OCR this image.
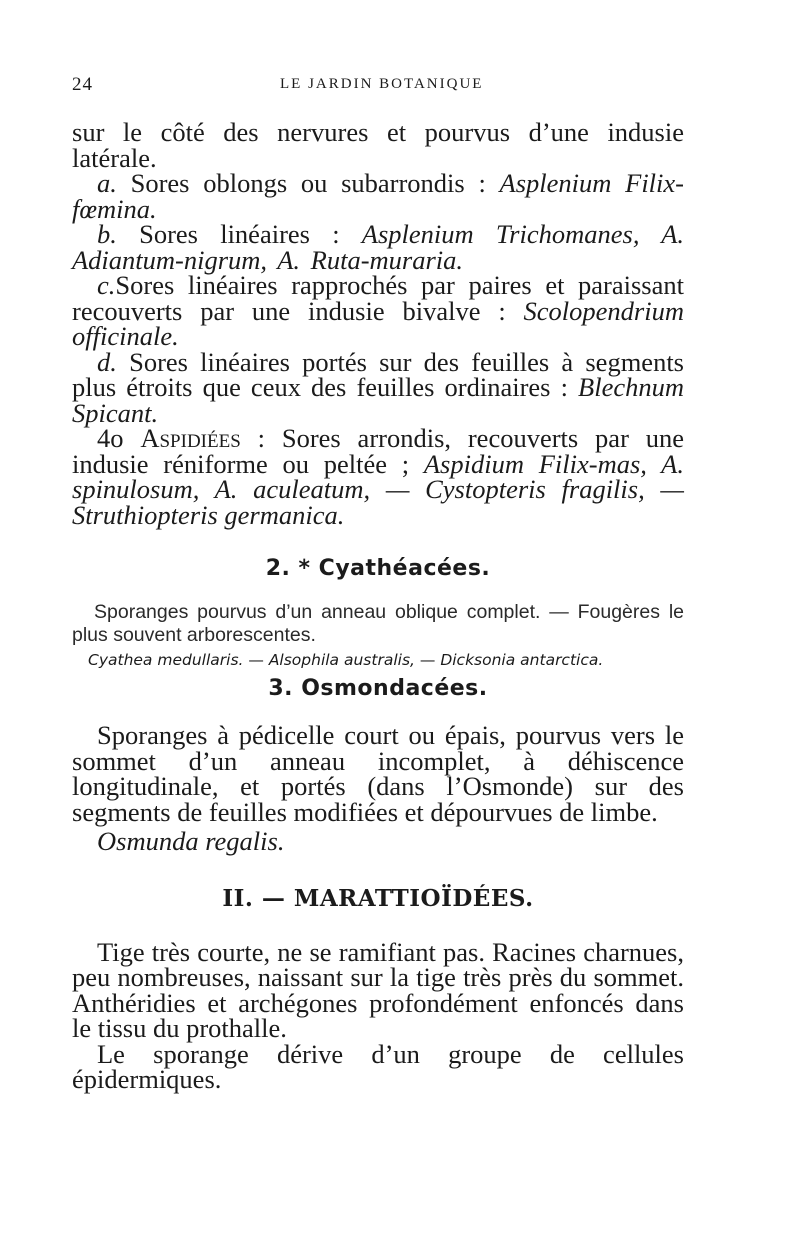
24	LE JARDIN BOTANIQUE

sur le côté des nervures et pourvus d’une indusie latérale.

a. Sores oblongs ou subarrondis : Asplenium Filix-fœmina.

b. Sores linéaires : Asplenium Trichomanes, A. Adiantum-nigrum, A. Ruta-muraria.

c.Sores linéaires rapprochés par paires et paraissant recouverts par une indusie bivalve : Scolopendrium officinale.

d. Sores linéaires portés sur des feuilles à segments plus étroits que ceux des feuilles ordinaires : Blechnum Spicant.

4o Aspidiées : Sores arrondis, recouverts par une indusie réniforme ou peltée ; Aspidium Filix-mas, A. spinulosum, A. aculeatum, — Cystopteris fragilis, — Struthiopteris germanica.

2. * Cyathéacées.

Sporanges pourvus d’un anneau oblique complet. — Fougères le plus souvent arborescentes.

Cyathea medullaris. — Alsophila australis, — Dicksonia antarctica.

3. Osmondacées.

Sporanges à pédicelle court ou épais, pourvus vers le sommet d’un anneau incomplet, à déhiscence longitudinale, et portés (dans l’Osmonde) sur des segments de feuilles modifiées et dépourvues de limbe.

Osmunda regalis.

II. — MARATTIOÏDÉES.

Tige très courte, ne se ramifiant pas. Racines charnues, peu nombreuses, naissant sur la tige très près du sommet. Anthéridies et archégones profondément enfoncés dans le tissu du prothalle.

Le sporange dérive d’un groupe de cellules épidermiques.
